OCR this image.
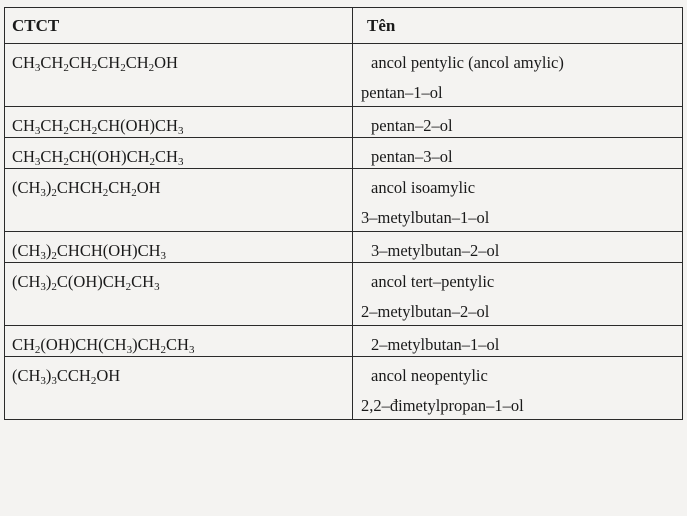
CTCT	Tên
$CH_3CH_2CH_2CH_2CH_2OH$	ancol pentylic (ancol amylic)
pentan–1–ol

$CH_3CH_2CH_2CH(OH)CH_3$	pentan–2–ol

$CH_3CH_2CH(OH)CH_2CH_3$	pentan–3–ol

$(CH_3)_2CHCH_2CH_2OH$	ancol isoamylic
3–metylbutan–1–ol

$(CH_3)_2CHCH(OH)CH_3$	3–metylbutan–2–ol

$(CH_3)_2C(OH)CH_2CH_3$	ancol tert–pentylic
2–metylbutan–2–ol

$CH_2(OH)CH(CH_3)CH_2CH_3$	2–metylbutan–1–ol

$(CH_3)_3CCH_2OH$	ancol neopentylic
2,2–đimetylpropan–1–ol
